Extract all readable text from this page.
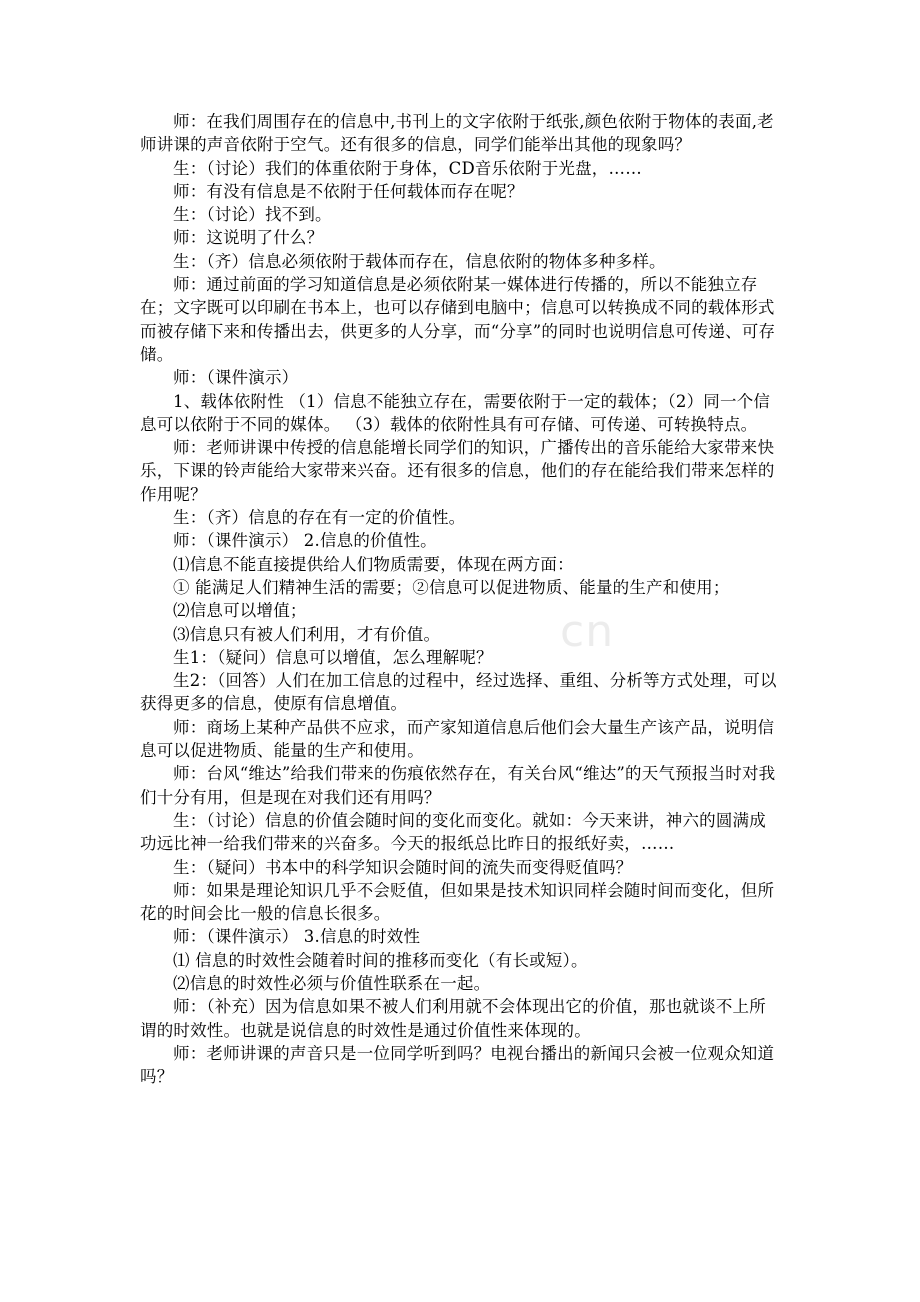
师：在我们周围存在的信息中,书刊上的文字依附于纸张,颜色依附于物体的表面,老师讲课的声音依附于空气。还有很多的信息，同学们能举出其他的现象吗？

生：（讨论）我们的体重依附于身体，CD音乐依附于光盘，……

师：有没有信息是不依附于任何载体而存在呢？

生：（讨论）找不到。

师：这说明了什么？

生：（齐）信息必须依附于载体而存在，信息依附的物体多种多样。

师：通过前面的学习知道信息是必须依附某一媒体进行传播的，所以不能独立存在；文字既可以印刷在书本上，也可以存储到电脑中；信息可以转换成不同的载体形式而被存储下来和传播出去，供更多的人分享，而“分享”的同时也说明信息可传递、可存储。

师：（课件演示）

1、载体依附性 （1）信息不能独立存在，需要依附于一定的载体；（2）同一个信息可以依附于不同的媒体。 （3）载体的依附性具有可存储、可传递、可转换特点。

师：老师讲课中传授的信息能增长同学们的知识，广播传出的音乐能给大家带来快乐，下课的铃声能给大家带来兴奋。还有很多的信息，他们的存在能给我们带来怎样的作用呢？

生：（齐）信息的存在有一定的价值性。

师：（课件演示） 2.信息的价值性。

⑴信息不能直接提供给人们物质需要，体现在两方面：

① 能满足人们精神生活的需要；②信息可以促进物质、能量的生产和使用；

⑵信息可以增值；

⑶信息只有被人们利用，才有价值。

生1：（疑问）信息可以增值，怎么理解呢？

生2：（回答）人们在加工信息的过程中，经过选择、重组、分析等方式处理，可以获得更多的信息，使原有信息增值。

师：商场上某种产品供不应求，而产家知道信息后他们会大量生产该产品，说明信息可以促进物质、能量的生产和使用。

师：台风“维达”给我们带来的伤痕依然存在，有关台风“维达”的天气预报当时对我们十分有用，但是现在对我们还有用吗？

生：（讨论）信息的价值会随时间的变化而变化。就如：今天来讲，神六的圆满成功远比神一给我们带来的兴奋多。今天的报纸总比昨日的报纸好卖，……

生：（疑问）书本中的科学知识会随时间的流失而变得贬值吗？

师：如果是理论知识几乎不会贬值，但如果是技术知识同样会随时间而变化，但所花的时间会比一般的信息长很多。

师：（课件演示） 3.信息的时效性

⑴ 信息的时效性会随着时间的推移而变化（有长或短）。

⑵信息的时效性必须与价值性联系在一起。

师：（补充）因为信息如果不被人们利用就不会体现出它的价值，那也就谈不上所谓的时效性。也就是说信息的时效性是通过价值性来体现的。

师：老师讲课的声音只是一位同学听到吗？电视台播出的新闻只会被一位观众知道吗？

cn
